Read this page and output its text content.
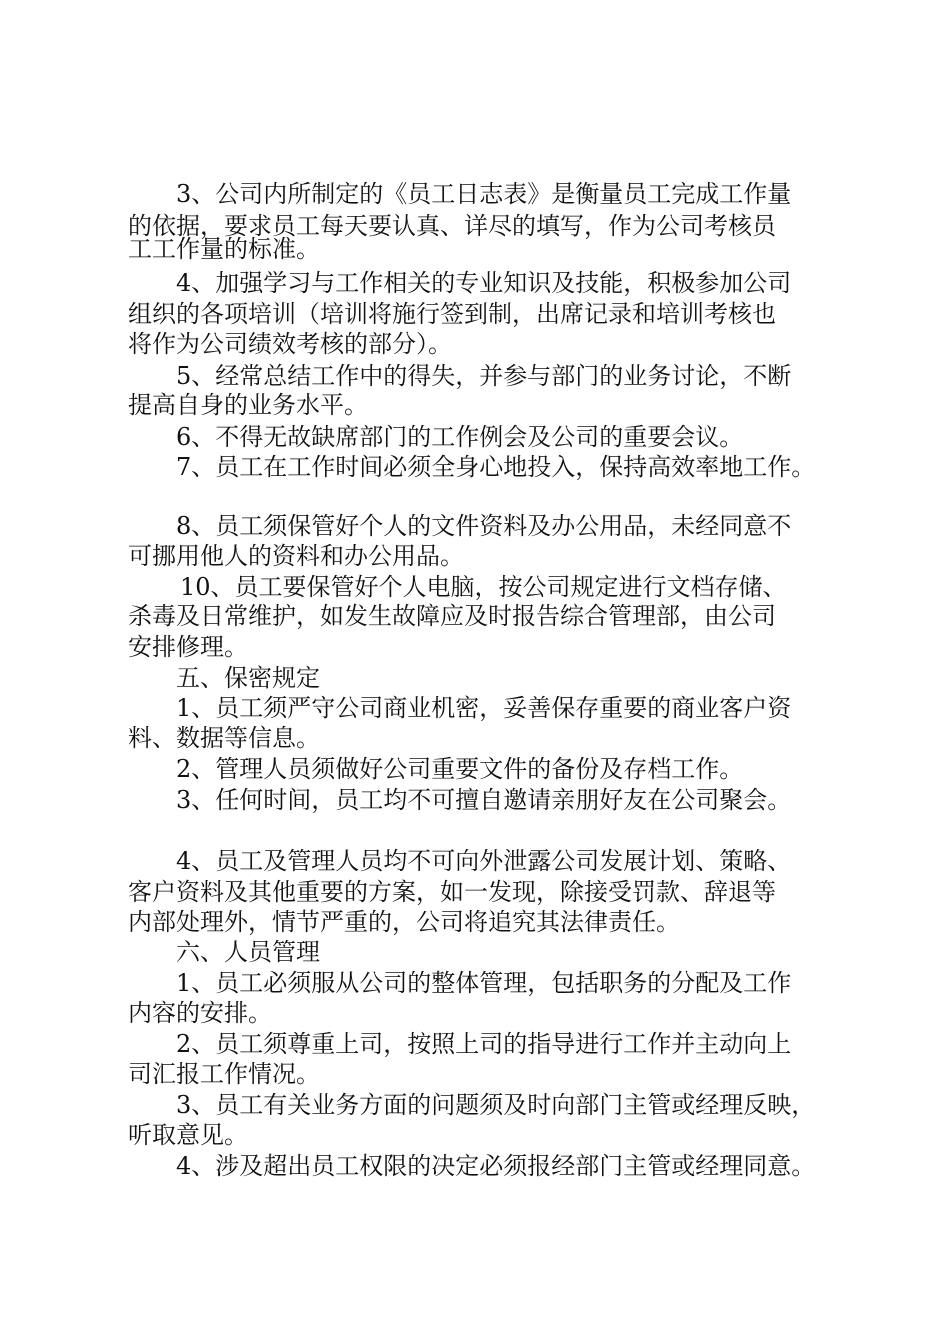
3、公司内所制定的《员工日志表》是衡量员工完成工作量
的依据，要求员工每天要认真、详尽的填写，作为公司考核员
工工作量的标准。
4、加强学习与工作相关的专业知识及技能，积极参加公司
组织的各项培训（培训将施行签到制，出席记录和培训考核也
将作为公司绩效考核的部分）。
5、经常总结工作中的得失，并参与部门的业务讨论，不断
提高自身的业务水平。
6、不得无故缺席部门的工作例会及公司的重要会议。
7、员工在工作时间必须全身心地投入，保持高效率地工作。
8、员工须保管好个人的文件资料及办公用品，未经同意不
可挪用他人的资料和办公用品。
10、员工要保管好个人电脑，按公司规定进行文档存储、
杀毒及日常维护，如发生故障应及时报告综合管理部，由公司
安排修理。
五、保密规定
1、员工须严守公司商业机密，妥善保存重要的商业客户资
料、数据等信息。
2、管理人员须做好公司重要文件的备份及存档工作。
3、任何时间，员工均不可擅自邀请亲朋好友在公司聚会。
4、员工及管理人员均不可向外泄露公司发展计划、策略、
客户资料及其他重要的方案，如一发现，除接受罚款、辞退等
内部处理外，情节严重的，公司将追究其法律责任。
六、人员管理
1、员工必须服从公司的整体管理，包括职务的分配及工作
内容的安排。
2、员工须尊重上司，按照上司的指导进行工作并主动向上
司汇报工作情况。
3、员工有关业务方面的问题须及时向部门主管或经理反映，
听取意见。
4、涉及超出员工权限的决定必须报经部门主管或经理同意。
